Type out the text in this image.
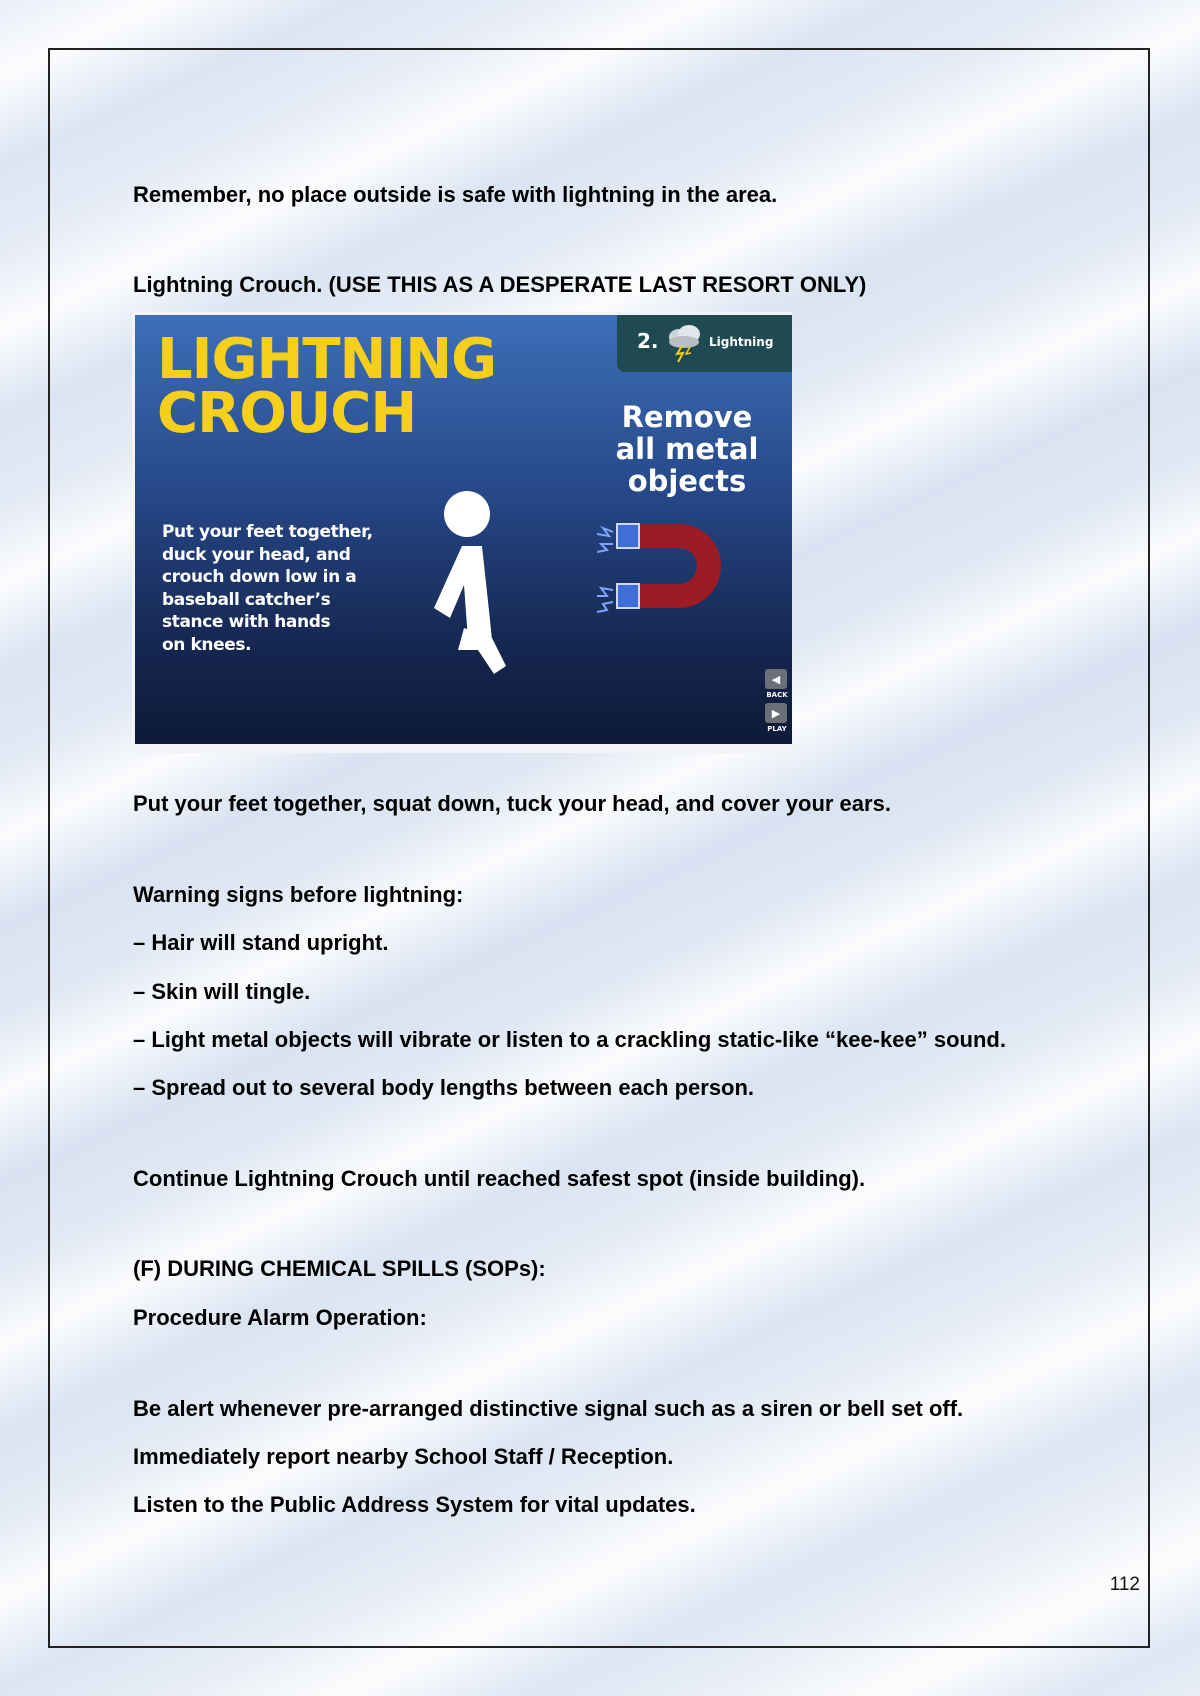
Remember, no place outside is safe with lightning in the area.

Lightning Crouch. (USE THIS AS A DESPERATE LAST RESORT ONLY)

LIGHTNING
CROUCH

2.	Lightning

Remove
all metal
objects

Put your feet together,
duck your head, and
crouch down low in a
baseball catcher’s
stance with hands
on knees.

◀
BACK
▶
PLAY

Put your feet together, squat down, tuck your head, and cover your ears.

Warning signs before lightning:

– Hair will stand upright.

– Skin will tingle.

– Light metal objects will vibrate or listen to a crackling static-like “kee-kee” sound.

– Spread out to several body lengths between each person.

Continue Lightning Crouch until reached safest spot (inside building).

(F) DURING CHEMICAL SPILLS (SOPs):

Procedure Alarm Operation:

Be alert whenever pre-arranged distinctive signal such as a siren or bell set off.

Immediately report nearby School Staff / Reception.

Listen to the Public Address System for vital updates.

112
